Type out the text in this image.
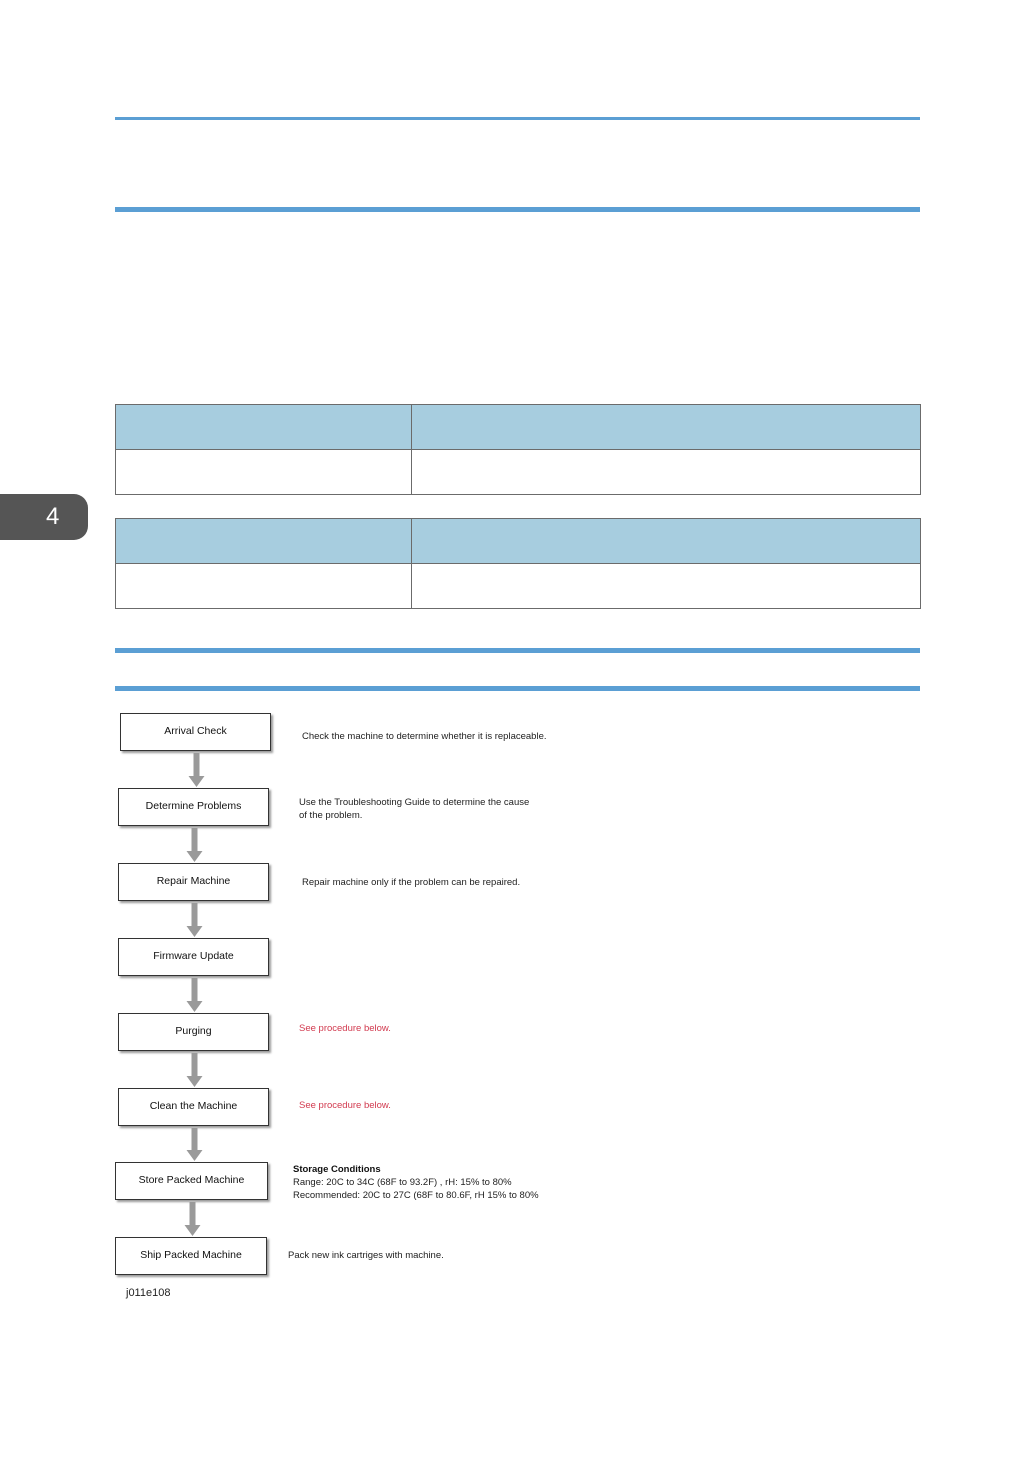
4

Arrival Check	Check the machine to determine whether it is replaceable.
Determine Problems	Use the Troubleshooting Guide to determine the cause
of the problem.
Repair Machine	Repair machine only if the problem can be repaired.
Firmware Update
Purging	See procedure below.
Clean the Machine	See procedure below.
Store Packed Machine
Storage Conditions
Range: 20C to 34C (68F to 93.2F) , rH: 15% to 80%
Recommended: 20C to 27C (68F to 80.6F, rH 15% to 80%
Ship Packed Machine	Pack new ink cartriges with machine.
j011e108
